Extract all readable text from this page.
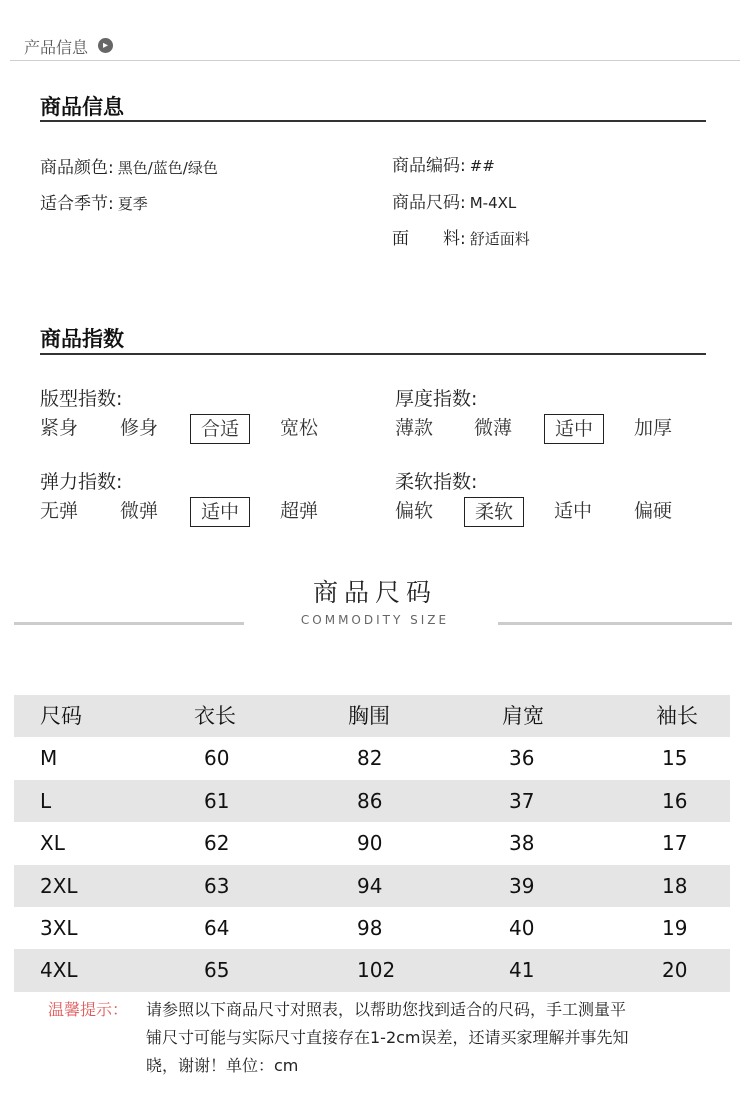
产品信息	▸
商品信息
商品颜色: 黑色/蓝色/绿色	商品编码: ##
适合季节: 夏季	商品尺码: M-4XL
面　　料: 舒适面料
商品指数
版型指数:
紧身 修身	合适	宽松
厚度指数:
薄款 微薄	适中	加厚
弹力指数:
无弹 微弹	适中	超弹
柔软指数:
偏软	柔软	适中 偏硬
商品尺码
COMMODITY SIZE
尺码	衣长	胸围	肩宽	袖长
M	60	82	36	15
L	61	86	37	16
XL	62	90	38	17
2XL	63	94	39	18
3XL	64	98	40	19
4XL	65	102	41	20
温馨提示： 请参照以下商品尺寸对照表，以帮助您找到适合的尺码，手工测量平
铺尺寸可能与实际尺寸直接存在1-2cm误差，还请买家理解并事先知
晓，谢谢！单位：cm
